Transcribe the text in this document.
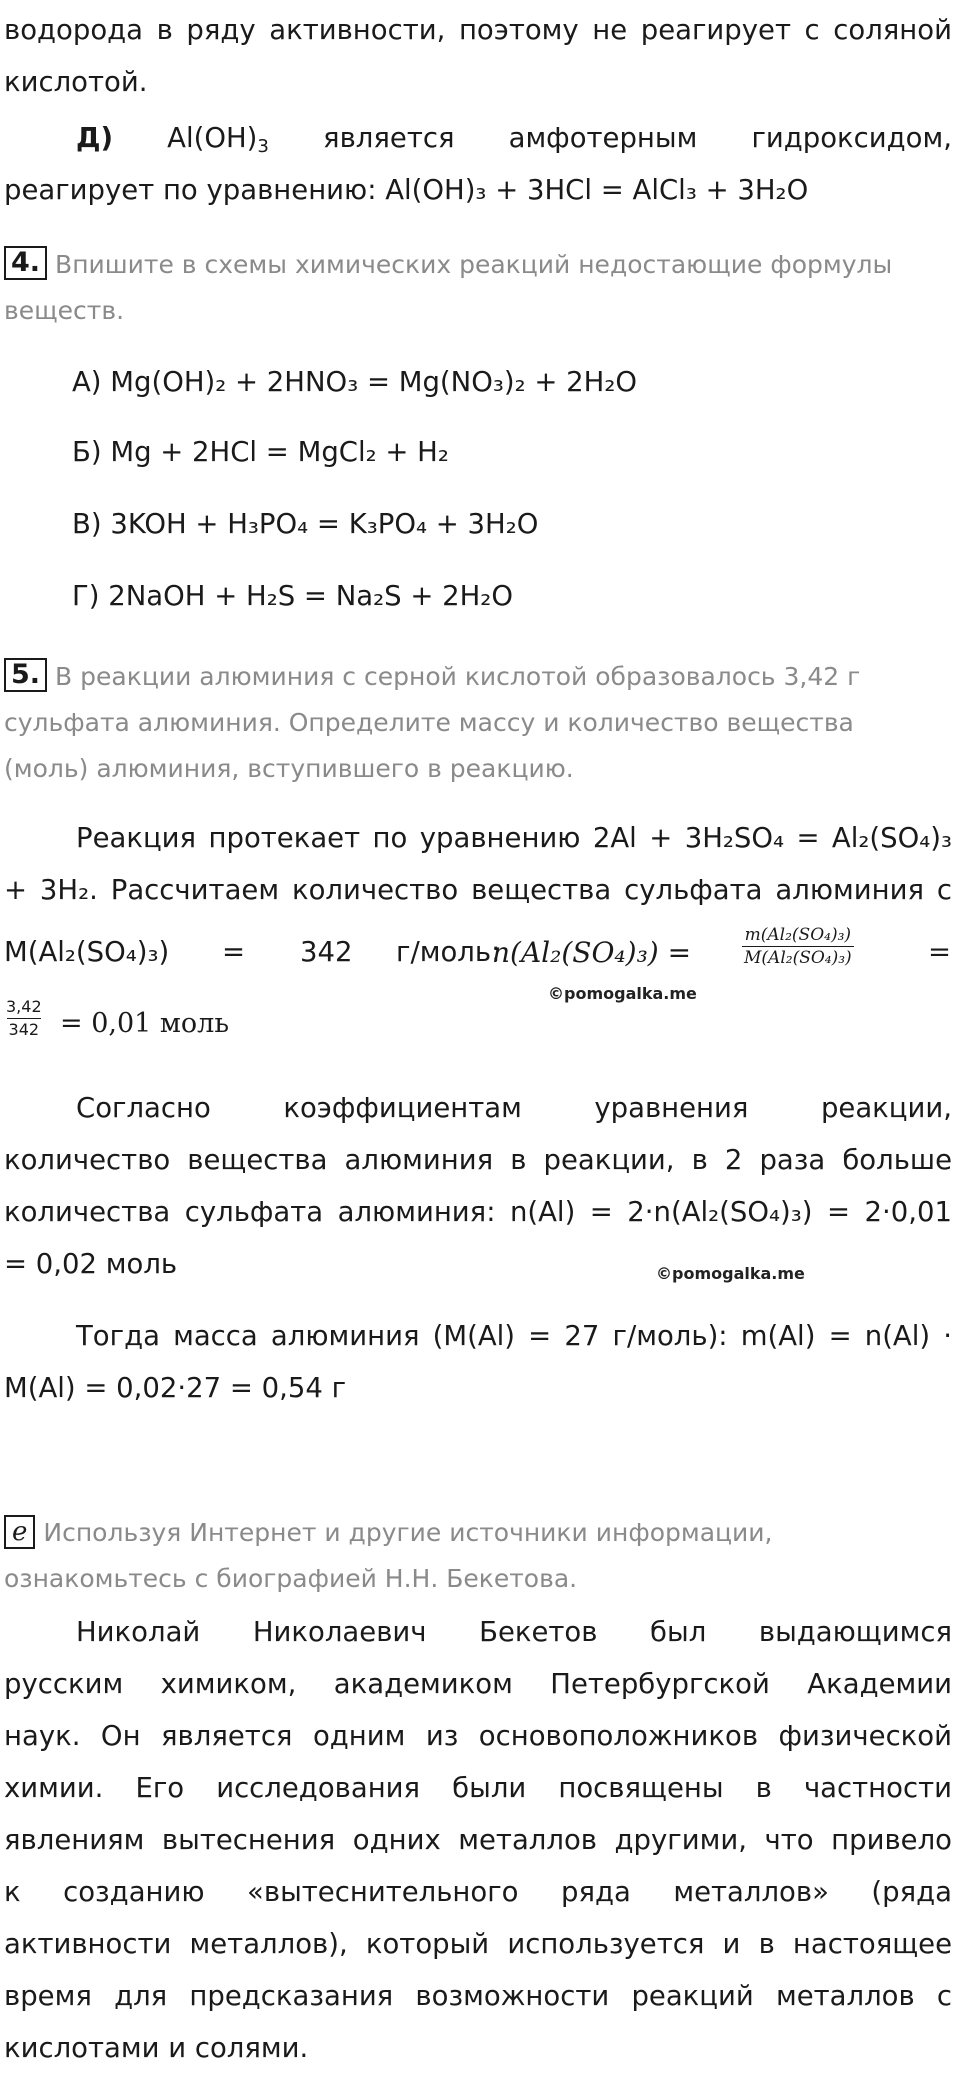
водорода в ряду активности, поэтому не реагирует с соляной

кислотой.

Д) $Al(OH)_3$ является амфотерным гидроксидом,

реагирует по уравнению: Al(OH)₃ + 3HCl = AlCl₃ + 3H₂O

4. Впишите в схемы химических реакций недостающие формулы

веществ.

А) Mg(OH)₂ + 2HNO₃ = Mg(NO₃)₂ + 2H₂O

Б) Mg + 2HCl = MgCl₂ + H₂

В) 3KOH + H₃PO₄ = K₃PO₄ + 3H₂O

Г) 2NaOH + H₂S = Na₂S + 2H₂O

5. В реакции алюминия с серной кислотой образовалось 3,42 г

сульфата алюминия. Определите массу и количество вещества

(моль) алюминия, вступившего в реакцию.

Реакция протекает по уравнению 2Al + 3H₂SO₄ = Al₂(SO₄)₃

+ 3H₂. Рассчитаем количество вещества сульфата алюминия с

M(Al₂(SO₄)₃) = 342 г/моль:
n(Al₂(SO₄)₃) =	$\frac{\text{m(Al₂(SO₄)₃)}}{\text{M(Al₂(SO₄)₃)}}$	=
©pomogalka.me
$\frac{3,42}{342} = 0,01$ моль

Согласно коэффициентам уравнения реакции,

количество вещества алюминия в реакции, в 2 раза больше

количества сульфата алюминия: n(Al) = 2·n(Al₂(SO₄)₃) = 2·0,01

= 0,02 моль	©pomogalka.me

Тогда масса алюминия (M(Al) = 27 г/моль): m(Al) = n(Al) ·

M(Al) = 0,02·27 = 0,54 г

е Используя Интернет и другие источники информации,

ознакомьтесь с биографией Н.Н. Бекетова.

Николай Николаевич Бекетов был выдающимся

русским химиком, академиком Петербургской Академии

наук. Он является одним из основоположников физической

химии. Его исследования были посвящены в частности

явлениям вытеснения одних металлов другими, что привело

к созданию «вытеснительного ряда металлов» (ряда

активности металлов), который используется и в настоящее

время для предсказания возможности реакций металлов с

кислотами и солями.
